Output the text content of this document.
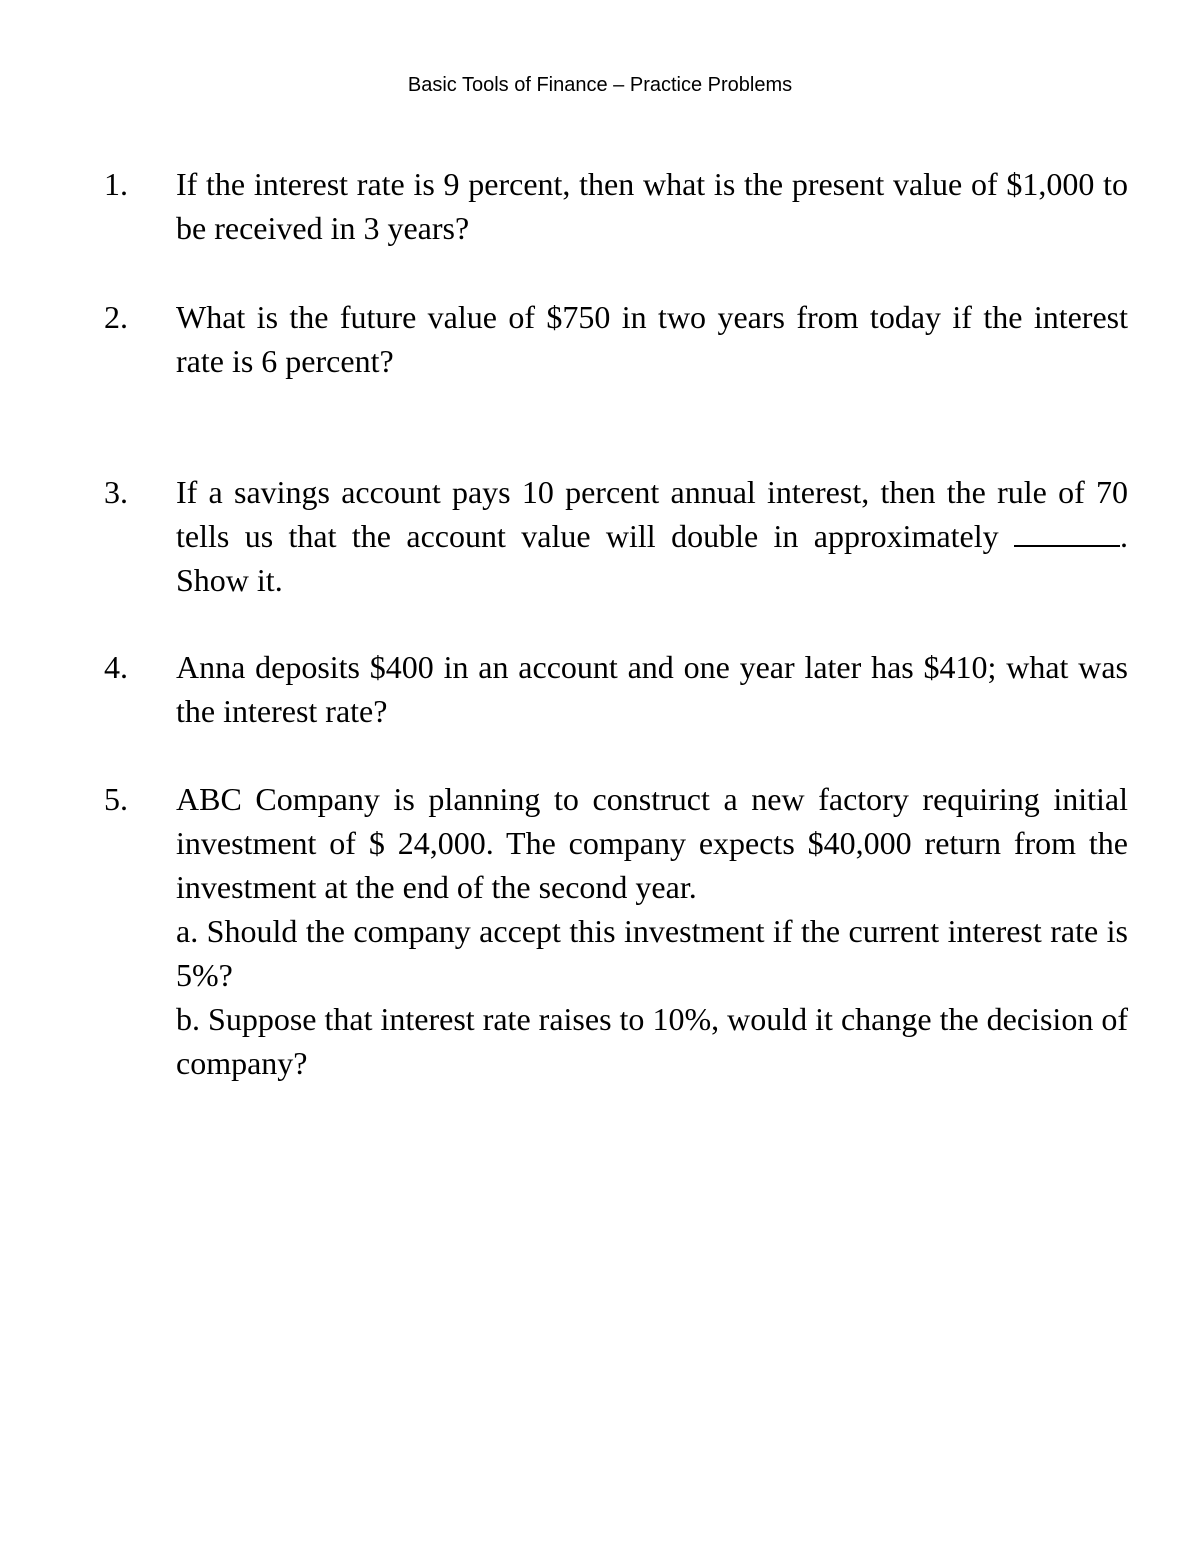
Basic Tools of Finance – Practice Problems
1.	If the interest rate is 9 percent, then what is the present value of $1,000 to be received in 3 years?

2.	What is the future value of $750 in two years from today if the interest rate is 6 percent?

3.	If a savings account pays 10 percent annual interest, then the rule of 70 tells us that the account value will double in approximately	. Show it.

4.	Anna deposits $400 in an account and one year later has $410; what was the interest rate?

5.	ABC Company is planning to construct a new factory requiring initial investment of $ 24,000. The company expects $40,000 return from the investment at the end of the second year.

a. Should the company accept this investment if the current interest rate is 5%?

b. Suppose that interest rate raises to 10%, would it change the decision of company?
